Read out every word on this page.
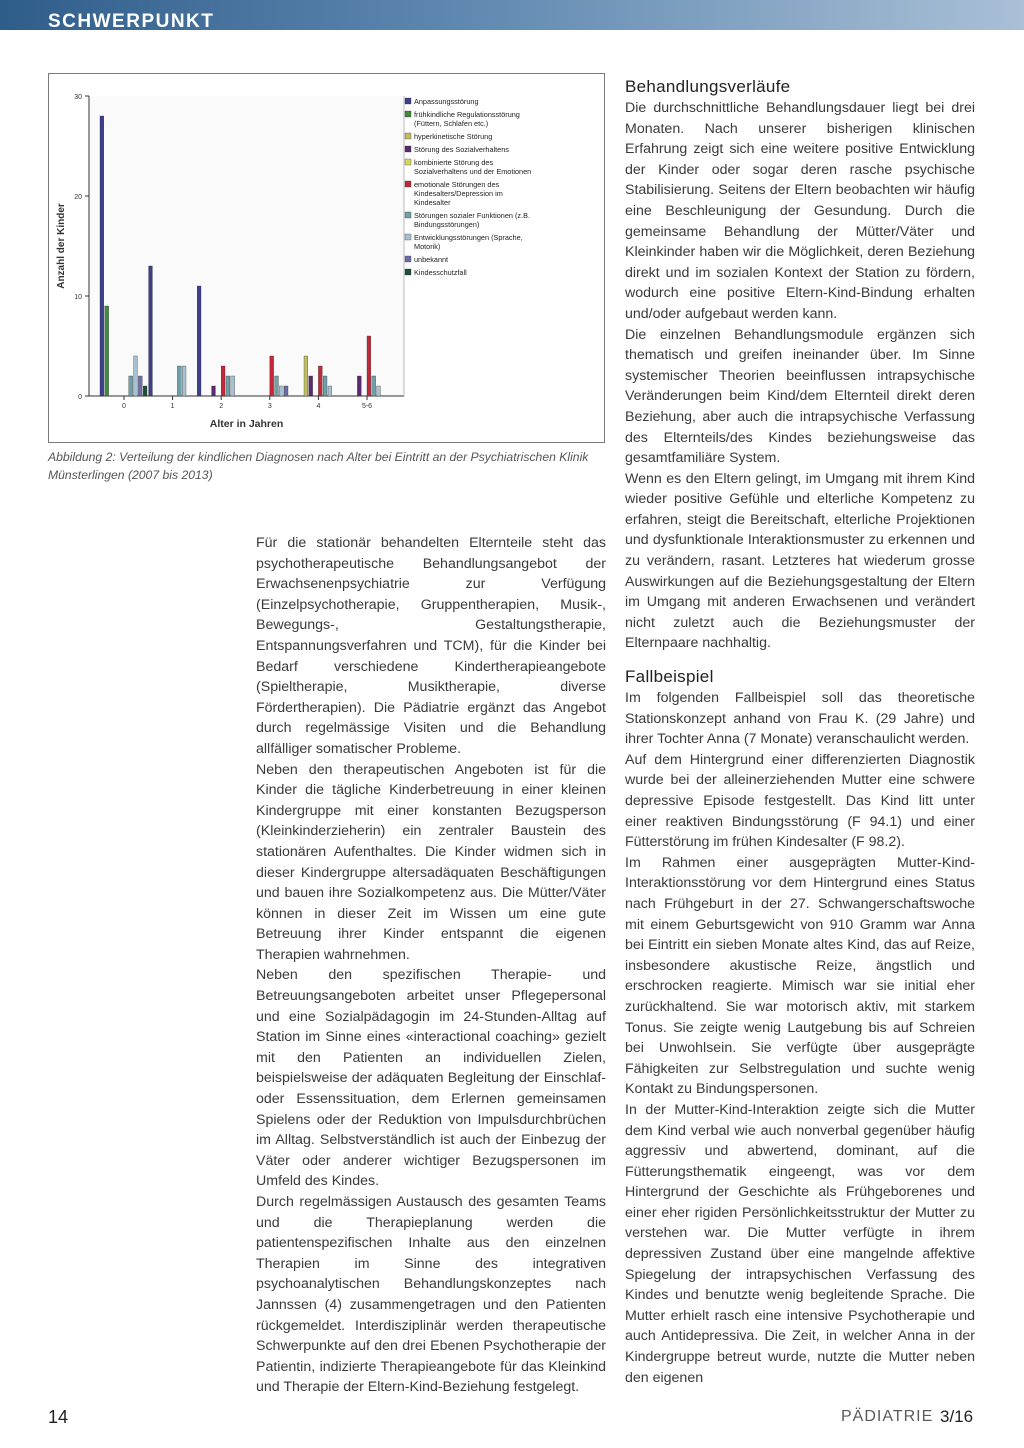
SCHWERPUNKT
0
10
20
30
Anzahl der Kinder
0	1	2	3	4	5-6
Alter in Jahren
Anpassungsstörung
frühkindliche Regulationsstörung
(Füttern, Schlafen etc.)
hyperkinetische Störung
Störung des Sozialverhaltens
kombinierte Störung des
Sozialverhaltens und der Emotionen
emotionale Störungen des
Kindesalters/Depression im
Kindesalter
Störungen sozialer Funktionen (z.B.
Bindungsstörungen)
Entwicklungsstörungen (Sprache,
Motorik)
unbekannt
Kindesschutzfall
Abbildung 2: Verteilung der kindlichen Diagnosen nach Alter bei Eintritt an der Psychiatrischen Klinik Münsterlingen (2007 bis 2013)

Für die stationär behandelten Elternteile steht das psychotherapeutische Behandlungsangebot der Erwachsenenpsychiatrie zur Verfügung (Einzelpsychotherapie, Gruppentherapien, Musik-, Bewegungs-, Gestaltungstherapie, Entspannungsverfahren und TCM), für die Kinder bei Bedarf verschiedene Kindertherapieangebote (Spieltherapie, Musiktherapie, diverse Fördertherapien). Die Pädiatrie ergänzt das Angebot durch regelmässige Visiten und die Behandlung allfälliger somatischer Probleme.

Neben den therapeutischen Angeboten ist für die Kinder die tägliche Kinderbetreuung in einer kleinen Kindergruppe mit einer konstanten Bezugsperson (Kleinkinderzieherin) ein zentraler Baustein des stationären Aufenthaltes. Die Kinder widmen sich in dieser Kindergruppe altersadäquaten Beschäftigungen und bauen ihre Sozialkompetenz aus. Die Mütter/Väter können in dieser Zeit im Wissen um eine gute Betreuung ihrer Kinder entspannt die eigenen Therapien wahrnehmen.

Neben den spezifischen Therapie- und Betreuungsangeboten arbeitet unser Pflegepersonal und eine Sozialpädagogin im 24-Stunden-Alltag auf Station im Sinne eines «interactional coaching» gezielt mit den Patienten an individuellen Zielen, beispielsweise der adäquaten Begleitung der Einschlaf- oder Essenssituation, dem Erlernen gemeinsamen Spielens oder der Reduktion von Impulsdurchbrüchen im Alltag. Selbstverständlich ist auch der Einbezug der Väter oder anderer wichtiger Bezugspersonen im Umfeld des Kindes.

Durch regelmässigen Austausch des gesamten Teams und die Therapieplanung werden die patientenspezifischen Inhalte aus den einzelnen Therapien im Sinne des integrativen psychoanalytischen Behandlungskonzeptes nach Jannssen (4) zusammengetragen und den Patienten rückgemeldet. Interdisziplinär werden therapeutische Schwerpunkte auf den drei Ebenen Psychotherapie der Patientin, indizierte Therapieangebote für das Kleinkind und Therapie der Eltern-Kind-Beziehung festgelegt.

Behandlungsverläufe

Die durchschnittliche Behandlungsdauer liegt bei drei Monaten. Nach unserer bisherigen klinischen Erfahrung zeigt sich eine weitere positive Entwicklung der Kinder oder sogar deren rasche psychische Stabilisierung. Seitens der Eltern beobachten wir häufig eine Beschleunigung der Gesundung. Durch die gemeinsame Behandlung der Mütter/Väter und Kleinkinder haben wir die Möglichkeit, deren Beziehung direkt und im sozialen Kontext der Station zu fördern, wodurch eine positive Eltern-Kind-Bindung erhalten und/oder aufgebaut werden kann.

Die einzelnen Behandlungsmodule ergänzen sich thematisch und greifen ineinander über. Im Sinne systemischer Theorien beeinflussen intrapsychische Veränderungen beim Kind/dem Elternteil direkt deren Beziehung, aber auch die intrapsychische Verfassung des Elternteils/des Kindes beziehungsweise das gesamtfamiliäre System.

Wenn es den Eltern gelingt, im Umgang mit ihrem Kind wieder positive Gefühle und elterliche Kompetenz zu erfahren, steigt die Bereitschaft, elterliche Projektionen und dysfunktionale Interaktionsmuster zu erkennen und zu verändern, rasant. Letzteres hat wiederum grosse Auswirkungen auf die Beziehungsgestaltung der Eltern im Umgang mit anderen Erwachsenen und verändert nicht zuletzt auch die Beziehungsmuster der Elternpaare nachhaltig.

Fallbeispiel

Im folgenden Fallbeispiel soll das theoretische Stationskonzept anhand von Frau K. (29 Jahre) und ihrer Tochter Anna (7 Monate) veranschaulicht werden.

Auf dem Hintergrund einer differenzierten Diagnostik wurde bei der alleinerziehenden Mutter eine schwere depressive Episode festgestellt. Das Kind litt unter einer reaktiven Bindungsstörung (F 94.1) und einer Fütterstörung im frühen Kindesalter (F 98.2).

Im Rahmen einer ausgeprägten Mutter-Kind-Interaktionsstörung vor dem Hintergrund eines Status nach Frühgeburt in der 27. Schwangerschaftswoche mit einem Geburtsgewicht von 910 Gramm war Anna bei Eintritt ein sieben Monate altes Kind, das auf Reize, insbesondere akustische Reize, ängstlich und erschrocken reagierte. Mimisch war sie initial eher zurückhaltend. Sie war motorisch aktiv, mit starkem Tonus. Sie zeigte wenig Lautgebung bis auf Schreien bei Unwohlsein. Sie verfügte über ausgeprägte Fähigkeiten zur Selbstregulation und suchte wenig Kontakt zu Bindungspersonen.

In der Mutter-Kind-Interaktion zeigte sich die Mutter dem Kind verbal wie auch nonverbal gegenüber häufig aggressiv und abwertend, dominant, auf die Fütterungsthematik eingeengt, was vor dem Hintergrund der Geschichte als Frühgeborenes und einer eher rigiden Persönlichkeitsstruktur der Mutter zu verstehen war. Die Mutter verfügte in ihrem depressiven Zustand über eine mangelnde affektive Spiegelung der intrapsychischen Verfassung des Kindes und benutzte wenig begleitende Sprache. Die Mutter erhielt rasch eine intensive Psychotherapie und auch Antidepressiva. Die Zeit, in welcher Anna in der Kindergruppe betreut wurde, nutzte die Mutter neben den eigenen

14	PÄDIATRIE 3/16
